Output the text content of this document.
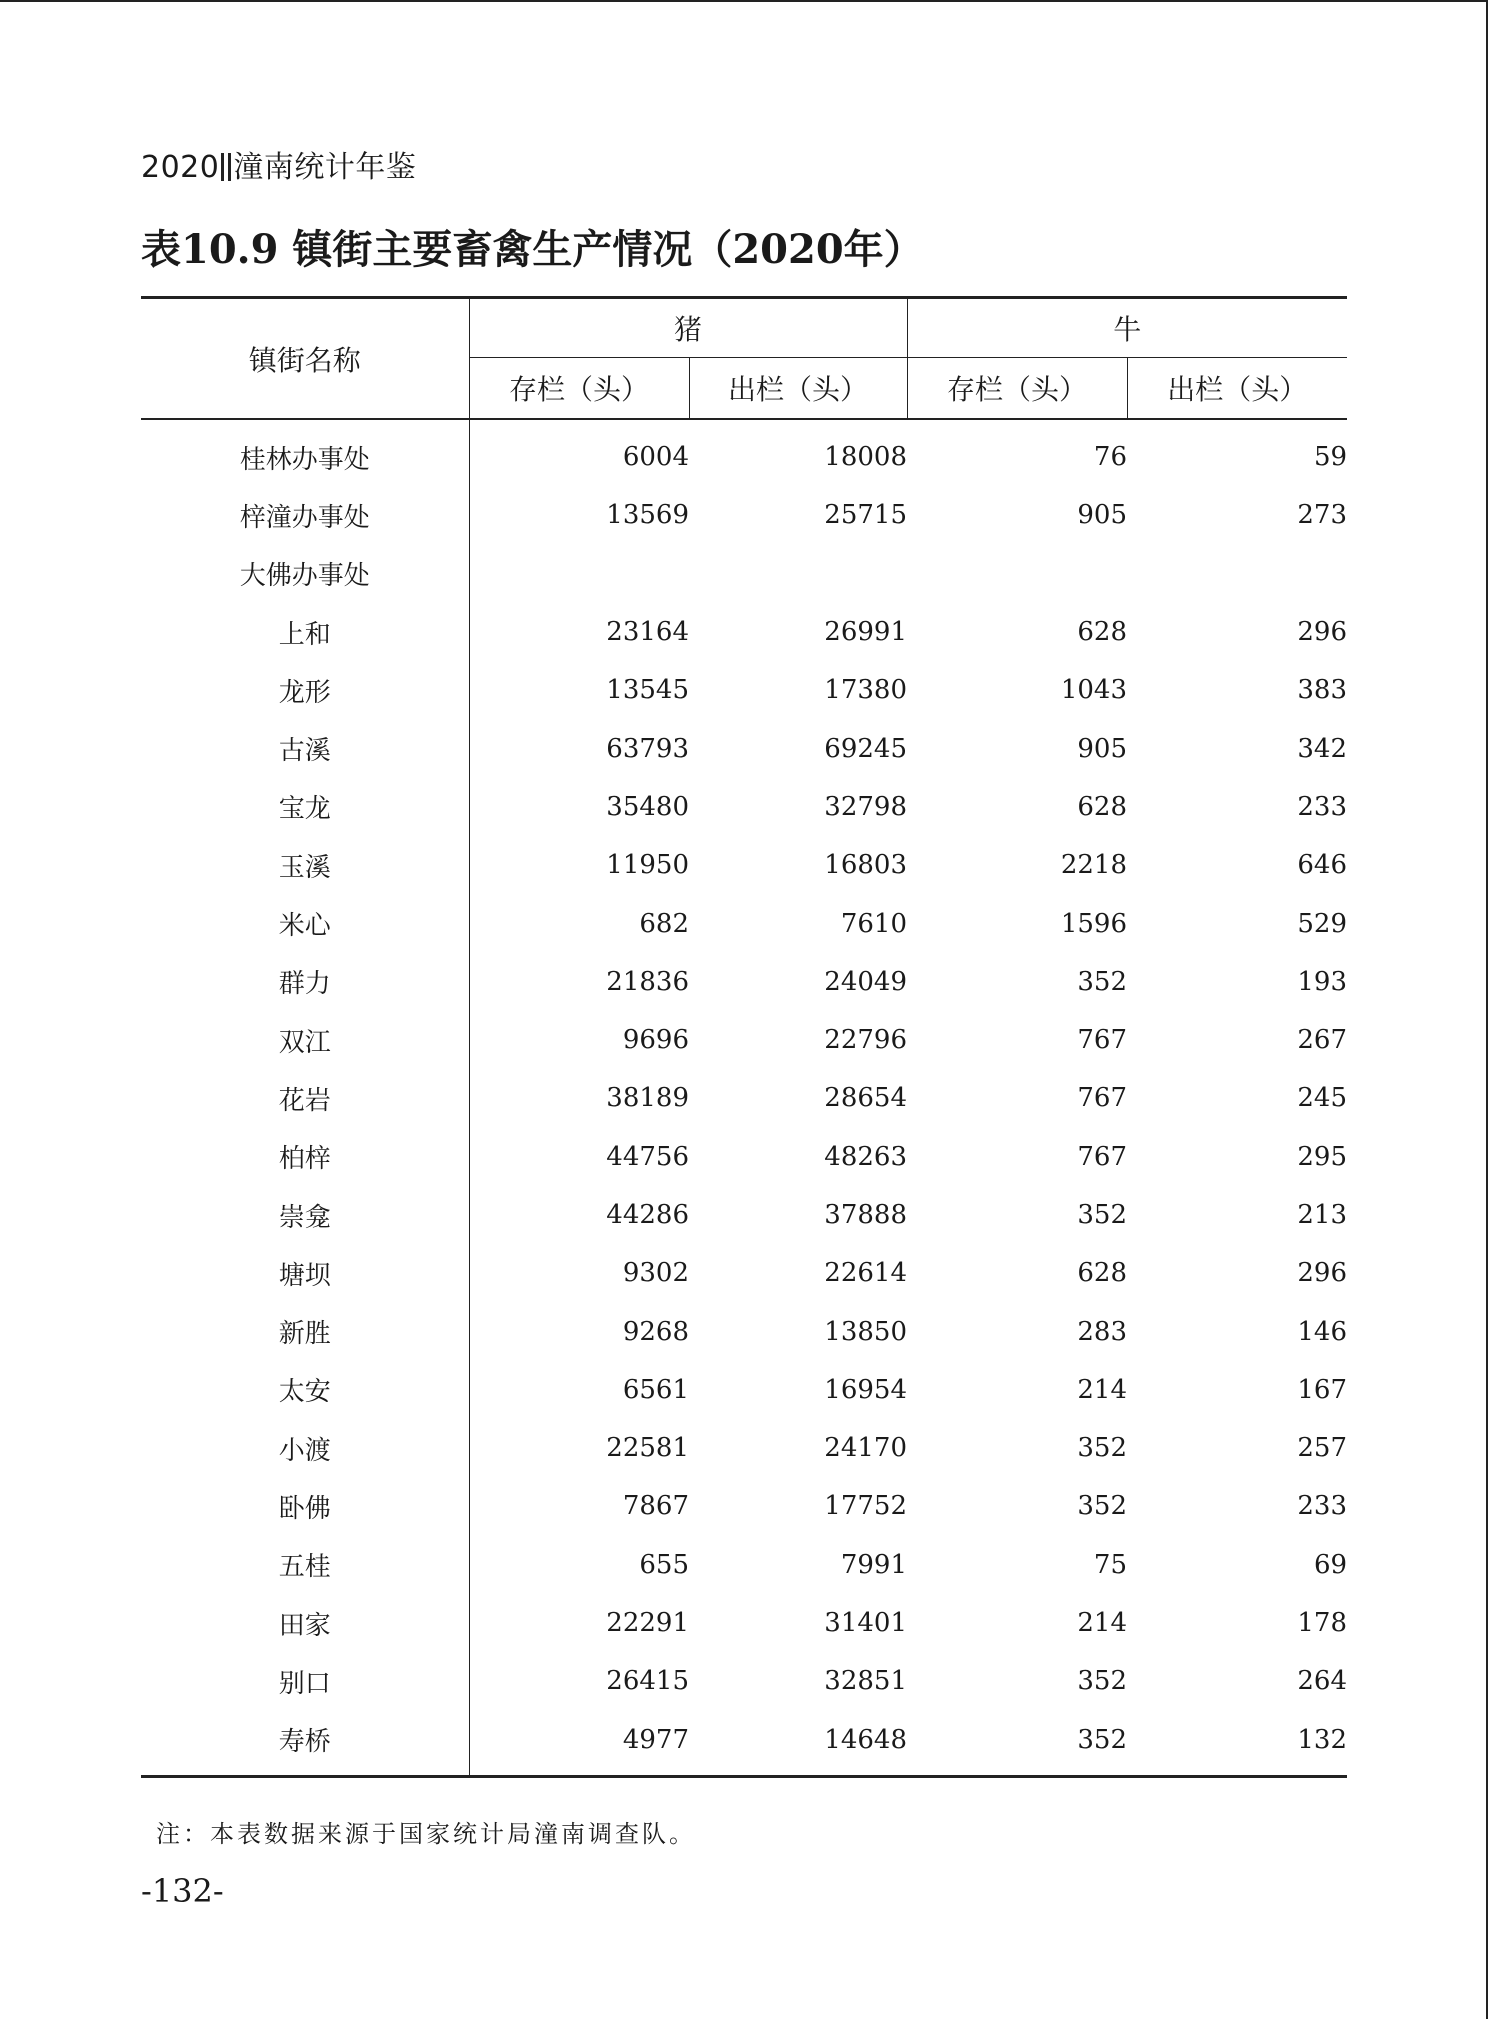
2020 潼南统计年鉴
表10.9 镇街主要畜禽生产情况（2020年）
镇街名称	猪		牛	
	存栏（头）	出栏（头）	存栏（头）	出栏（头）
桂林办事处	6004	18008	76	59
梓潼办事处	13569	25715	905	273
大佛办事处				
上和	23164	26991	628	296
龙形	13545	17380	1043	383
古溪	63793	69245	905	342
宝龙	35480	32798	628	233
玉溪	11950	16803	2218	646
米心	682	7610	1596	529
群力	21836	24049	352	193
双江	9696	22796	767	267
花岩	38189	28654	767	245
柏梓	44756	48263	767	295
崇龛	44286	37888	352	213
塘坝	9302	22614	628	296
新胜	9268	13850	283	146
太安	6561	16954	214	167
小渡	22581	24170	352	257
卧佛	7867	17752	352	233
五桂	655	7991	75	69
田家	22291	31401	214	178
别口	26415	32851	352	264
寿桥	4977	14648	352	132
注：本表数据来源于国家统计局潼南调查队。
-132-
